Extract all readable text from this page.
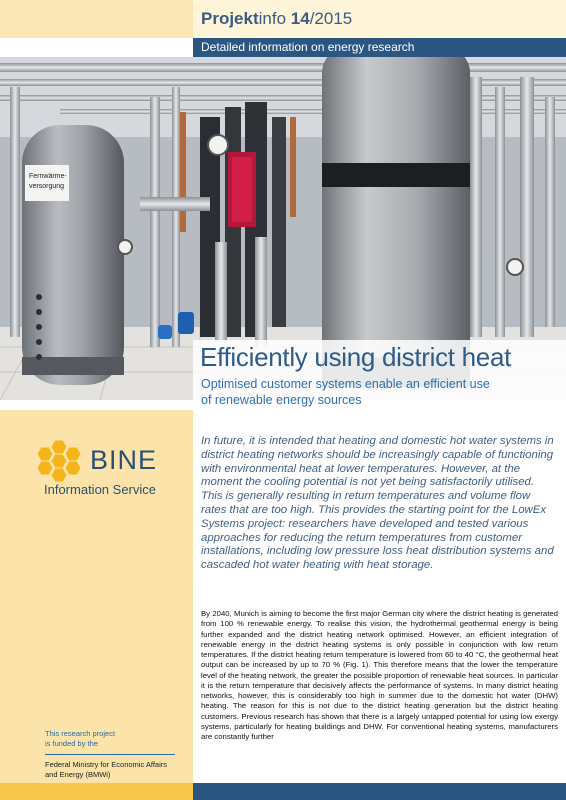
Projektinfo 14/2015
Detailed information on energy research
Fernwärme-
versorgung
Efficiently using district heat
Optimised customer systems enable an efficient use
of renewable energy sources
BINE
Information Service
This research project
is funded by the
Federal Ministry for Economic Affairs
and Energy (BMWi)
In future, it is intended that heating and domestic hot water systems in district heating networks should be increasingly capable of functioning with environmental heat at lower temperatures. However, at the moment the cooling potential is not yet being satisfactorily utilised. This is generally resulting in return temperatures and volume flow rates that are too high. This provides the starting point for the LowEx Systems project: researchers have developed and tested various approaches for reducing the return temperatures from customer installations, including low pressure loss heat distribution systems and cascaded hot water heating with heat storage.
By 2040, Munich is aiming to become the first major German city where the district heating is generated from 100 % renewable energy. To realise this vision, the hydrothermal geothermal energy is being further expanded and the district heating network optimised. However, an efficient integration of renewable energy in the district heating systems is only possible in conjunction with low return temperatures. If the district heating return temperature is lowered from 60 to 40 °C, the geothermal heat output can be increased by up to 70 % (Fig. 1). This therefore means that the lower the temperature level of the heating network, the greater the possible proportion of renewable heat sources. In particular it is the return temperature that decisively affects the performance of systems. In many district heating networks, however, this is considerably too high in summer due to the domestic hot water (DHW) heating. The reason for this is not due to the district heating generation but the district heating customers. Previous research has shown that there is a largely untapped potential for using low exergy systems, particularly for heating buildings and DHW. For conventional heating systems, manufacturers are constantly further
